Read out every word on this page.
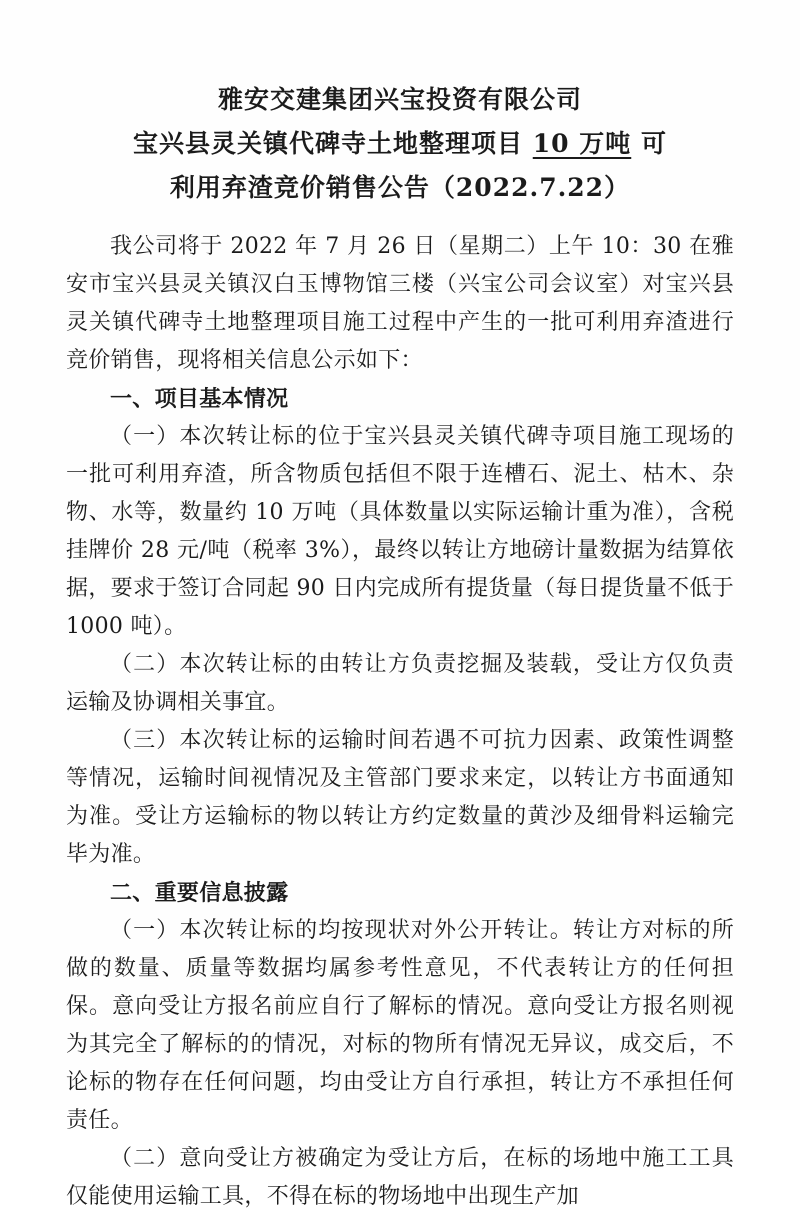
雅安交建集团兴宝投资有限公司
宝兴县灵关镇代碑寺土地整理项目 10 万吨 可
利用弃渣竞价销售公告（2022.7.22）

我公司将于 2022 年 7 月 26 日（星期二）上午 10：30 在雅安市宝兴县灵关镇汉白玉博物馆三楼（兴宝公司会议室）对宝兴县灵关镇代碑寺土地整理项目施工过程中产生的一批可利用弃渣进行竞价销售，现将相关信息公示如下：

一、项目基本情况

（一）本次转让标的位于宝兴县灵关镇代碑寺项目施工现场的一批可利用弃渣，所含物质包括但不限于连槽石、泥土、枯木、杂物、水等，数量约 10 万吨（具体数量以实际运输计重为准），含税挂牌价 28 元/吨（税率 3%），最终以转让方地磅计量数据为结算依据，要求于签订合同起 90 日内完成所有提货量（每日提货量不低于 1000 吨）。

（二）本次转让标的由转让方负责挖掘及装载，受让方仅负责运输及协调相关事宜。

（三）本次转让标的运输时间若遇不可抗力因素、政策性调整等情况，运输时间视情况及主管部门要求来定，以转让方书面通知为准。受让方运输标的物以转让方约定数量的黄沙及细骨料运输完毕为准。

二、重要信息披露

（一）本次转让标的均按现状对外公开转让。转让方对标的所做的数量、质量等数据均属参考性意见，不代表转让方的任何担保。意向受让方报名前应自行了解标的情况。意向受让方报名则视为其完全了解标的的情况，对标的物所有情况无异议，成交后，不论标的物存在任何问题，均由受让方自行承担，转让方不承担任何责任。

（二）意向受让方被确定为受让方后，在标的场地中施工工具仅能使用运输工具，不得在标的物场地中出现生产加
